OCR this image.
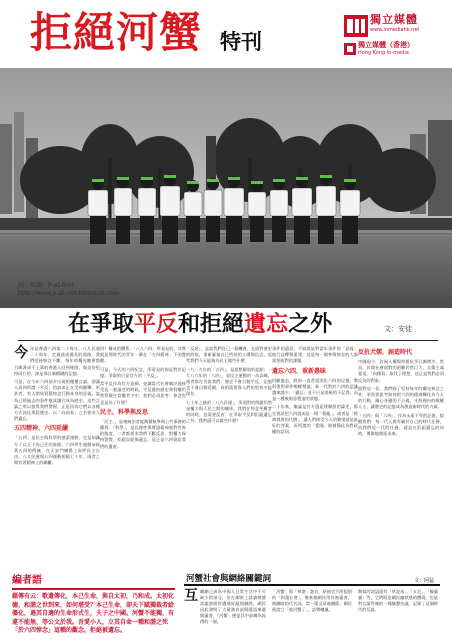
拒絕河蟹 特刊
獨立媒體
www.inmediahk.net
獨立媒體（香港）
Hong Kong In-media
圖片鳴謝：P-at-Riot
http://www.p-at-riot.blogspot.com
在爭取平反和拒絕遺忘之外	文：安徒

今年是香港六四第二十周年，八九民運二十周年，走過遙遙漫長的道路，我們堅持悼念不斷，每年的燭光晚會都召喚著成千上萬的香港人回到維園，與這份堅持同行的，卻是那日漸模糊的記憶。

可是，在今年六四前夕出現的種種言論，卻讓人看到所謂「平反」的訴求正在受到衝擊，更甚者，有人開始質疑悼念行動本身的意義，認為已經過去的事件應該讓它成為歷史。這些言論之所以值得我們警惕，正是因為它們以各種方式淡化那段歷史，以「向前看」之名要求人們遺忘。

五四精神、六四延續

「五四」是民主與科學的啟蒙運動，也是知識分子以天下為己任的象徵。六四學生運動承接著五四的傳統，在天安門廣場上高呼民主自由。八九民運與五四運動相隔七十年，兩者之間有著精神上的聯繫。

四）構成的體系。「八九六四」所看見的，其實就是那時代的青年一輩在「五四精神」下的覺醒。

可是，今天的六四紀念，所看見的卻是對於記憶，爭取的只是官方的「平反」。

當平反作為官方意願，並讓當代社會廣泛地接受這一套論述的時候，平反後的歷史書寫權仍然掌握在當權者手中，我們必須思考：悼念究竟是為了什麼？

民主，科學與反思

「民主」，是被統治者能夠積極參與公共事務的權利；「科學」，是以理性與實證精神面對世界的態度。二者都要求我們不斷反思，對權力保持警覺，拒絕盲從與遺忘，這正是六四留給我們的遺產。

「反思」，是給我們自己一個機會，在面對歷史的時候，重新審視自己所持的立場與信念，思考我們今天能夠為民主做些什麼。

一九一九年的「五四」，是思想解放的起點；一九八九年的「六四」，是民主運動的一次高峰。兩者都在告訴我們：歷史不會自動平反，記憶也不會自動延續，真相需要靠人們的堅持才能保存。

七十年之後的「八九民運」，所面對的問題仍然是權力與人民之間的關係。我們在悼念死難者的同時，也需要反省：在爭取平反和拒絕遺忘之外，我們還可以做些什麼？

事件的還原，不如說是對當年事件的「意義」進行詮釋與重建，這是每一個參與悼念的人都需要面對的課題。

遺忘六四，重新愚昧

回顧過去，政府一直希望淡化六四的記憶，教科書對事件輕輕帶過，新一代對於六四的認識越來越少。「遺忘」並不只是消極的不記得，而是一種被刻意製造的狀態。

二十年來，無論是官方還是建制派的論述，都在嘗試把六四說成是一場「動亂」，或者是「經濟發展的代價」，讓人們接受今天的繁榮就是最好的答案，而所謂的「愛國」則被簡化為對政權的認同。

反抗犬儒，創造時代

中國現今，釘屋人權與草根抗爭日漸增多，然而，民間社會面對的困難仍然巨大，犬儒主義蔓延，「向錢看」取代了理想，這正是我們必須反抗的對象。

面對這一切，我們除了堅持每年的燭光悼念之外，更需要思考如何把六四的精神轉化為今天的行動，關心身邊的不公義，支持國內的維權人士，讓歷史的記憶成為創造新時代的力量。

「五四」與「六四」，作為永遠不死的記憶，提醒我們：每一代人都有屬於自己的時代任務，而我們這一代的任務，就是在拒絕遺忘的同時，勇敢地開拓未來。

編者語
藉傳有云：歌遺傳化，本己生命，與自太初，乃和成。太初化德，和諧之世到來，如何堪受？本己生命，卻天下賦獨裁者給僵化，過其自適的生命形式生，夫子之中國。河蟹不能獨，有違不能無，等公文於我。吾愛小人，立其自命一種和諧之死「於六四悼念」這種的觀念，拒絕被遺忘。
河蟹社會與網絡關鍵詞	文：阿猛
互 聯網已成為中國人日常生活中不可缺少的部分，但在網絡上談論敏感話題卻經常遭遇屏蔽與刪除，網民因此發明了大量諧音詞與隱語來避開審查，「河蟹」便是其中最廣為流傳的一個。
「河蟹」與「和諧」諧音，原指官方所提倡的「和諧社會」，後來被網民用作被審查、被刪除的代名詞。當一篇文章被刪除，網民便說它「被河蟹了」，語帶嘲諷。
類似的詞語還有「草泥馬」、「五毛」、「躲貓貓」等，它們既是網民幽默感的體現，也是對言論管制的一種無聲抗議，記錄了這個時代的荒誕。
